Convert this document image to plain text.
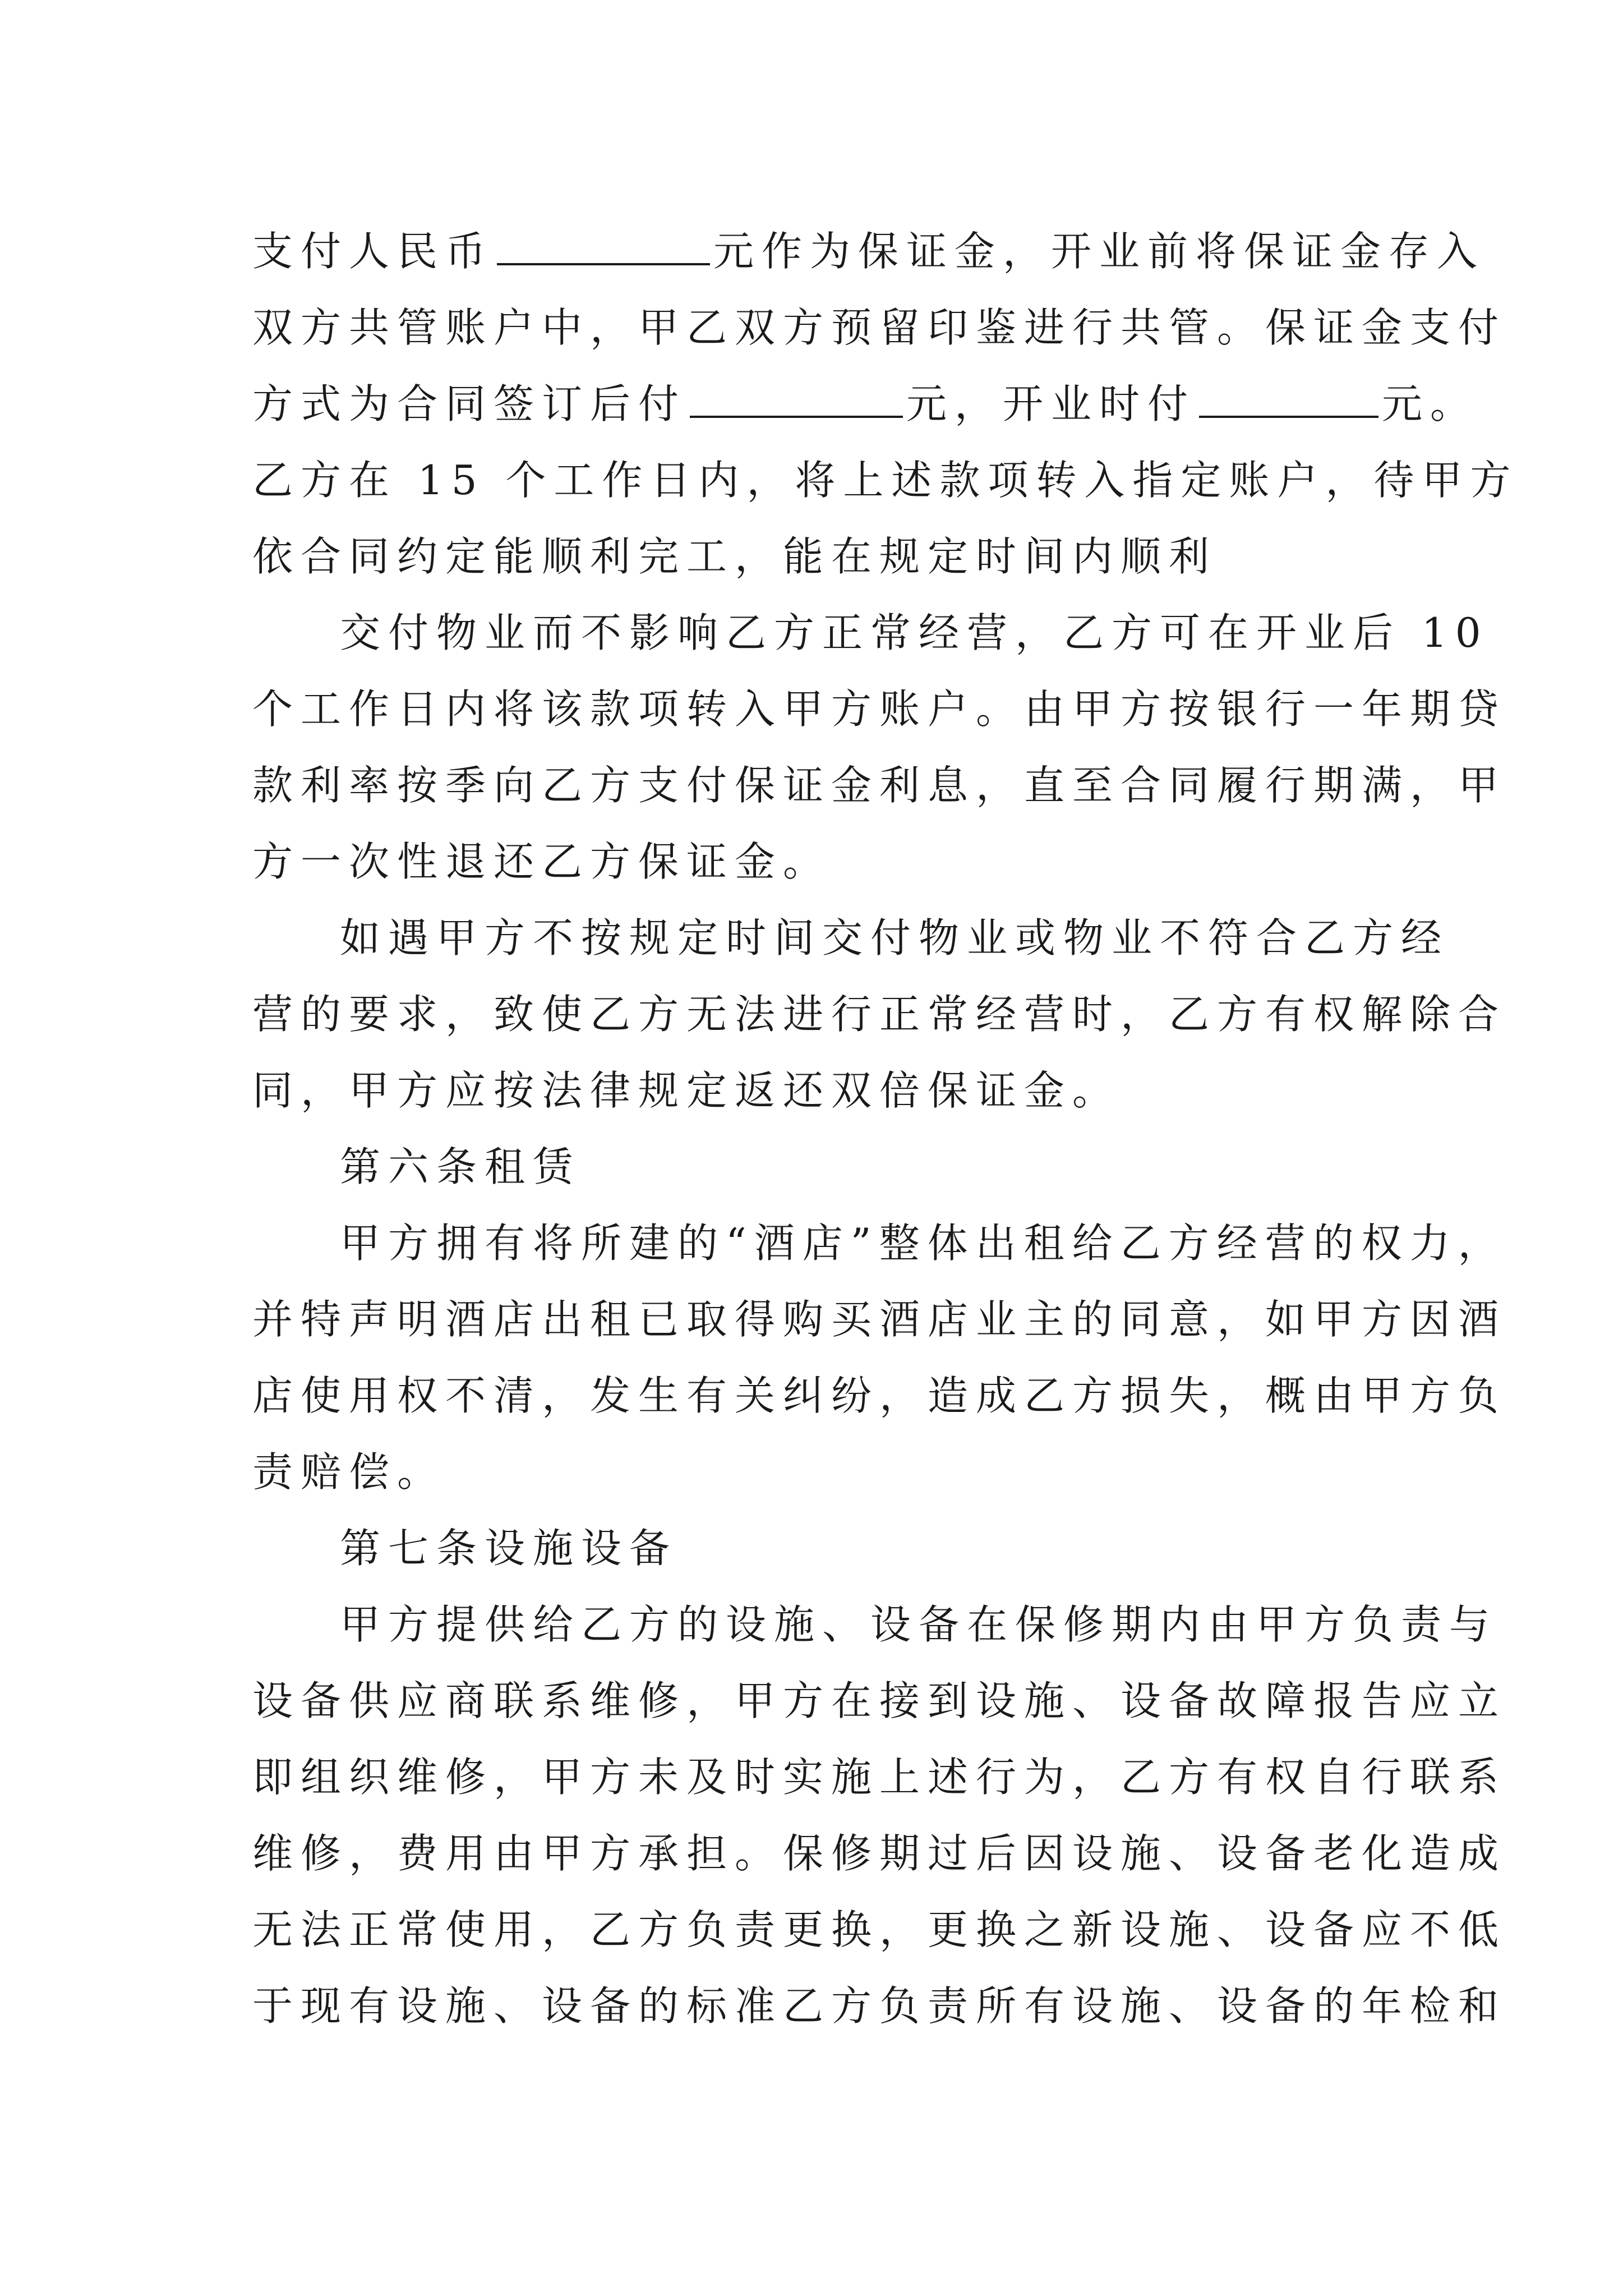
支付人民币	元作为保证金，开业前将保证金存入
双方共管账户中，甲乙双方预留印鉴进行共管。保证金支付
方式为合同签订后付	元，开业时付	元。
乙方在 15 个工作日内，将上述款项转入指定账户，待甲方
依合同约定能顺利完工，能在规定时间内顺利
交付物业而不影响乙方正常经营，乙方可在开业后 10
个工作日内将该款项转入甲方账户。由甲方按银行一年期贷
款利率按季向乙方支付保证金利息，直至合同履行期满，甲
方一次性退还乙方保证金。
如遇甲方不按规定时间交付物业或物业不符合乙方经
营的要求，致使乙方无法进行正常经营时，乙方有权解除合
同，甲方应按法律规定返还双倍保证金。
第六条租赁
甲方拥有将所建的“酒店”整体出租给乙方经营的权力，
并特声明酒店出租已取得购买酒店业主的同意，如甲方因酒
店使用权不清，发生有关纠纷，造成乙方损失，概由甲方负
责赔偿。
第七条设施设备
甲方提供给乙方的设施、设备在保修期内由甲方负责与
设备供应商联系维修，甲方在接到设施、设备故障报告应立
即组织维修，甲方未及时实施上述行为，乙方有权自行联系
维修，费用由甲方承担。保修期过后因设施、设备老化造成
无法正常使用，乙方负责更换，更换之新设施、设备应不低
于现有设施、设备的标准乙方负责所有设施、设备的年检和
